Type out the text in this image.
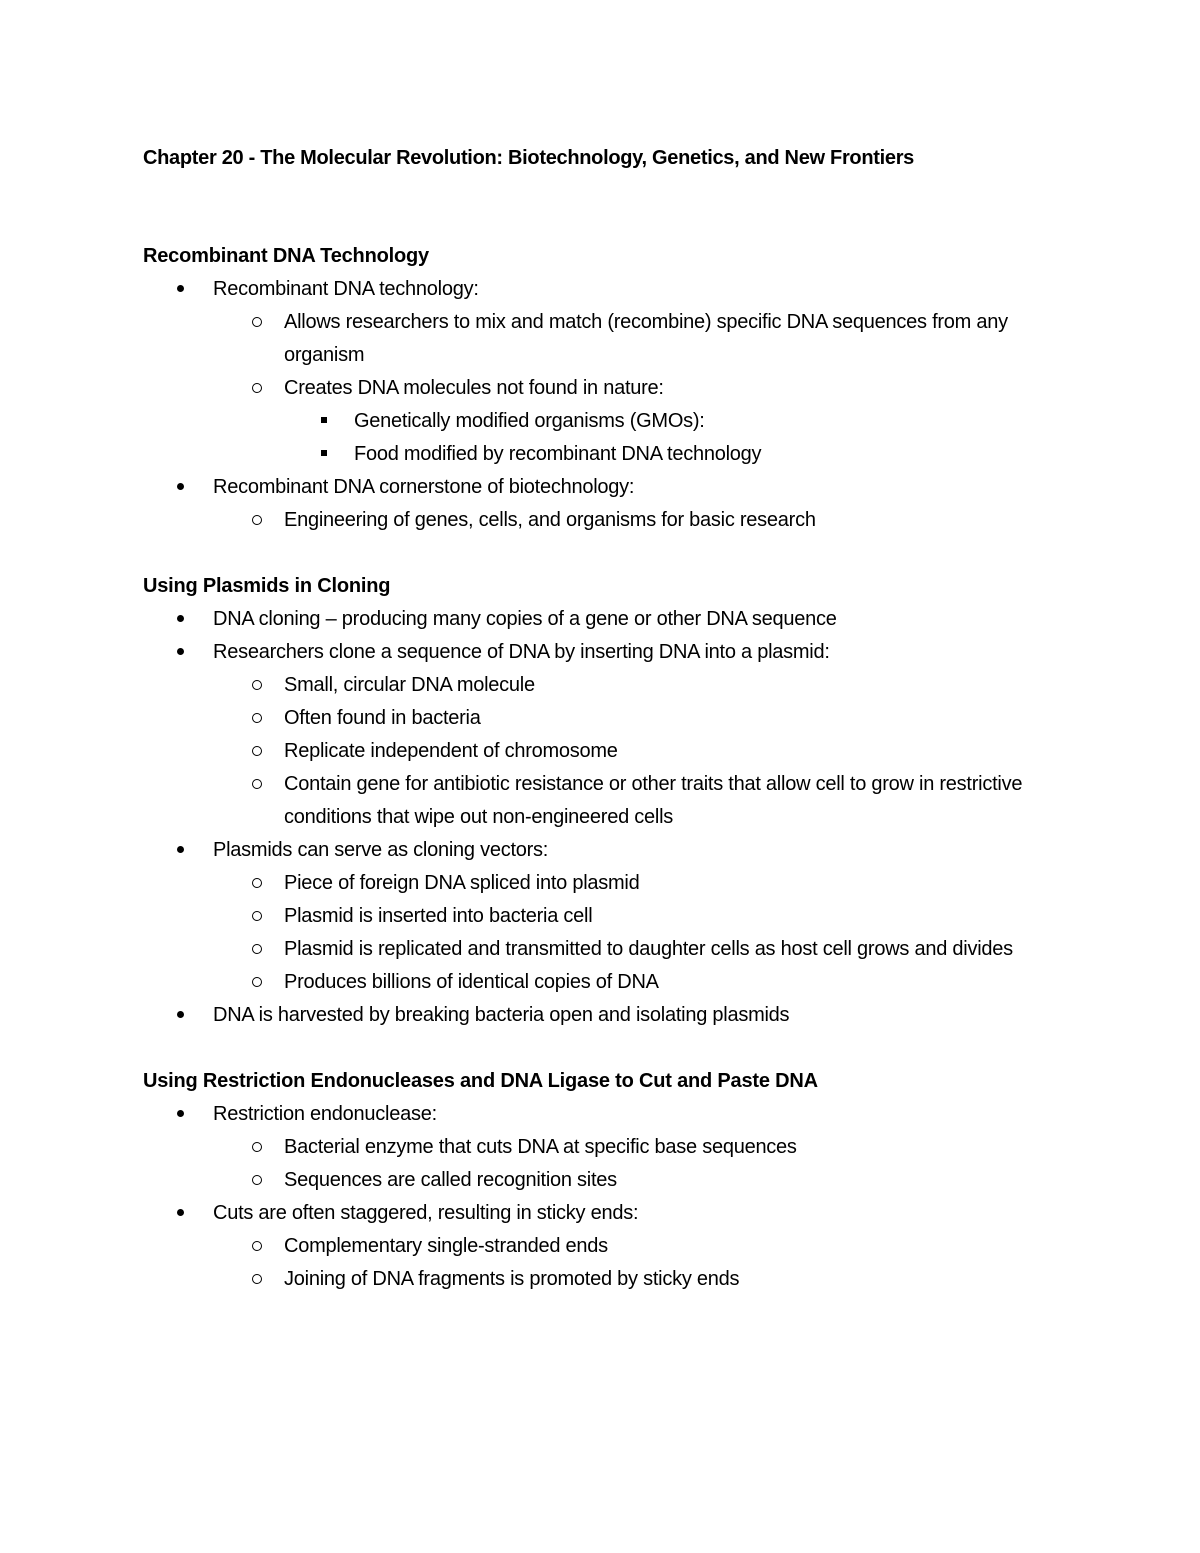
Chapter 20 - The Molecular Revolution: Biotechnology, Genetics, and New Frontiers
Recombinant DNA Technology
Recombinant DNA technology:
Allows researchers to mix and match (recombine) specific DNA sequences from any organism
Creates DNA molecules not found in nature:
Genetically modified organisms (GMOs):
Food modified by recombinant DNA technology
Recombinant DNA cornerstone of biotechnology:
Engineering of genes, cells, and organisms for basic research
Using Plasmids in Cloning
DNA cloning – producing many copies of a gene or other DNA sequence
Researchers clone a sequence of DNA by inserting DNA into a plasmid:
Small, circular DNA molecule
Often found in bacteria
Replicate independent of chromosome
Contain gene for antibiotic resistance or other traits that allow cell to grow in restrictive conditions that wipe out non-engineered cells
Plasmids can serve as cloning vectors:
Piece of foreign DNA spliced into plasmid
Plasmid is inserted into bacteria cell
Plasmid is replicated and transmitted to daughter cells as host cell grows and divides
Produces billions of identical copies of DNA
DNA is harvested by breaking bacteria open and isolating plasmids
Using Restriction Endonucleases and DNA Ligase to Cut and Paste DNA
Restriction endonuclease:
Bacterial enzyme that cuts DNA at specific base sequences
Sequences are called recognition sites
Cuts are often staggered, resulting in sticky ends:
Complementary single-stranded ends
Joining of DNA fragments is promoted by sticky ends
